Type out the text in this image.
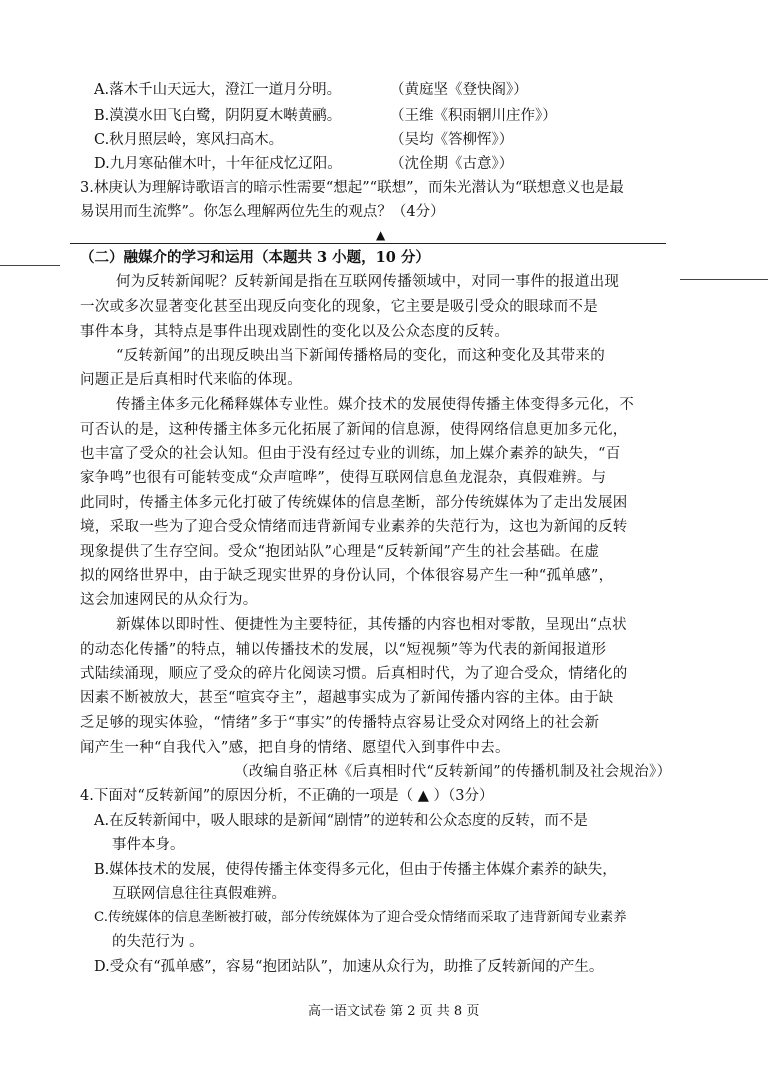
A.落木千山天远大，澄江一道月分明。	（黄庭坚《登快阁》）
B.漠漠水田飞白鹭，阴阴夏木啭黄鹂。	（王维《积雨辋川庄作》）
C.秋月照层岭，寒风扫高木。	（吴均《答柳恽》）
D.九月寒砧催木叶，十年征戍忆辽阳。	（沈佺期《古意》）
3.林庚认为理解诗歌语言的暗示性需要“想起”“联想”，而朱光潜认为“联想意义也是最
易误用而生流弊”。你怎么理解两位先生的观点？（4分）
▲
（二）融媒介的学习和运用（本题共 3 小题，10 分）
何为反转新闻呢？反转新闻是指在互联网传播领域中，对同一事件的报道出现
一次或多次显著变化甚至出现反向变化的现象，它主要是吸引受众的眼球而不是
事件本身，其特点是事件出现戏剧性的变化以及公众态度的反转。
“反转新闻”的出现反映出当下新闻传播格局的变化，而这种变化及其带来的
问题正是后真相时代来临的体现。
传播主体多元化稀释媒体专业性。媒介技术的发展使得传播主体变得多元化，不
可否认的是，这种传播主体多元化拓展了新闻的信息源，使得网络信息更加多元化，
也丰富了受众的社会认知。但由于没有经过专业的训练，加上媒介素养的缺失，“百
家争鸣”也很有可能转变成“众声喧哗”，使得互联网信息鱼龙混杂，真假难辨。与
此同时，传播主体多元化打破了传统媒体的信息垄断，部分传统媒体为了走出发展困
境，采取一些为了迎合受众情绪而违背新闻专业素养的失范行为，这也为新闻的反转
现象提供了生存空间。受众“抱团站队”心理是“反转新闻”产生的社会基础。在虚
拟的网络世界中，由于缺乏现实世界的身份认同，个体很容易产生一种“孤单感”，
这会加速网民的从众行为。
新媒体以即时性、便捷性为主要特征，其传播的内容也相对零散，呈现出“点状
的动态化传播”的特点，辅以传播技术的发展，以“短视频”等为代表的新闻报道形
式陆续涌现，顺应了受众的碎片化阅读习惯。后真相时代，为了迎合受众，情绪化的
因素不断被放大，甚至“喧宾夺主”，超越事实成为了新闻传播内容的主体。由于缺
乏足够的现实体验，“情绪”多于“事实”的传播特点容易让受众对网络上的社会新
闻产生一种“自我代入”感，把自身的情绪、愿望代入到事件中去。
（改编自骆正林《后真相时代“反转新闻”的传播机制及社会规治》）
4.下面对“反转新闻”的原因分析，不正确的一项是（ ▲ ）（3分）
A.在反转新闻中，吸人眼球的是新闻“剧情”的逆转和公众态度的反转，而不是
事件本身。
B.媒体技术的发展，使得传播主体变得多元化，但由于传播主体媒介素养的缺失，
互联网信息往往真假难辨。
C.传统媒体的信息垄断被打破，部分传统媒体为了迎合受众情绪而采取了违背新闻专业素养
的失范行为 。
D.受众有“孤单感”，容易“抱团站队”，加速从众行为，助推了反转新闻的产生。
高一语文试卷 第 2 页 共 8 页
